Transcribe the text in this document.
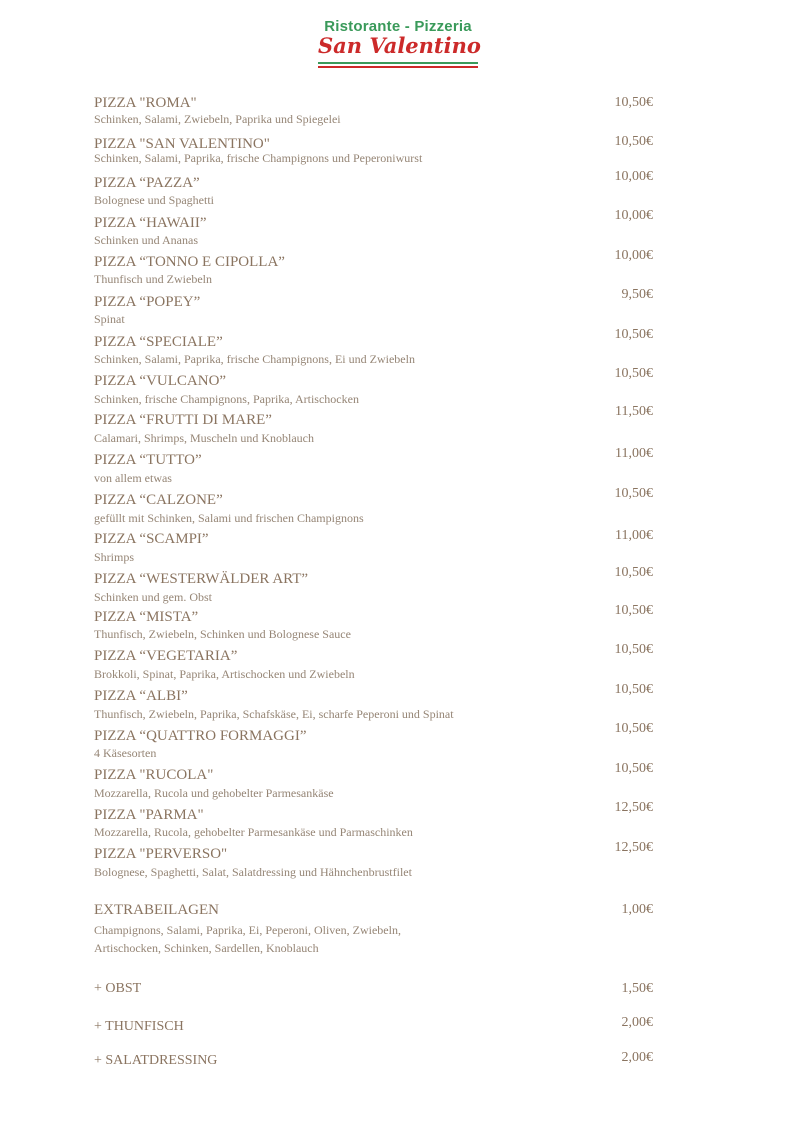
Ristorante - Pizzeria
San Valentino
PIZZA "ROMA"
Schinken, Salami, Zwiebeln, Paprika und Spiegelei
10,50€
PIZZA "SAN VALENTINO"
Schinken, Salami, Paprika, frische Champignons und Peperoniwurst
10,50€
PIZZA “PAZZA”
Bolognese und Spaghetti
10,00€
PIZZA “HAWAII”
Schinken und Ananas
10,00€
PIZZA “TONNO E CIPOLLA”
Thunfisch und Zwiebeln
10,00€
PIZZA “POPEY”
Spinat
9,50€
PIZZA “SPECIALE”
Schinken, Salami, Paprika, frische Champignons, Ei und Zwiebeln
10,50€
PIZZA “VULCANO”
Schinken, frische Champignons, Paprika, Artischocken
10,50€
PIZZA “FRUTTI DI MARE”
Calamari, Shrimps, Muscheln und Knoblauch
11,50€
PIZZA “TUTTO”
von allem etwas
11,00€
PIZZA “CALZONE”
gefüllt mit Schinken, Salami und frischen Champignons
10,50€
PIZZA “SCAMPI”
Shrimps
11,00€
PIZZA “WESTERWÄLDER ART”
Schinken und gem. Obst
10,50€
PIZZA “MISTA”
Thunfisch, Zwiebeln, Schinken und Bolognese Sauce
10,50€
PIZZA “VEGETARIA”
Brokkoli, Spinat, Paprika, Artischocken und Zwiebeln
10,50€
PIZZA “ALBI”
Thunfisch, Zwiebeln, Paprika, Schafskäse, Ei, scharfe Peperoni und Spinat
10,50€
PIZZA “QUATTRO FORMAGGI”
4 Käsesorten
10,50€
PIZZA "RUCOLA"
Mozzarella, Rucola und gehobelter Parmesankäse
10,50€
PIZZA "PARMA"
Mozzarella, Rucola, gehobelter Parmesankäse und Parmaschinken
12,50€
PIZZA "PERVERSO"
Bolognese, Spaghetti, Salat, Salatdressing und Hähnchenbrustfilet
12,50€
EXTRABEILAGEN	1,00€
Champignons, Salami, Paprika, Ei, Peperoni, Oliven, Zwiebeln,
Artischocken, Schinken, Sardellen, Knoblauch
+ OBST	1,50€
+ THUNFISCH	2,00€
+ SALATDRESSING	2,00€
